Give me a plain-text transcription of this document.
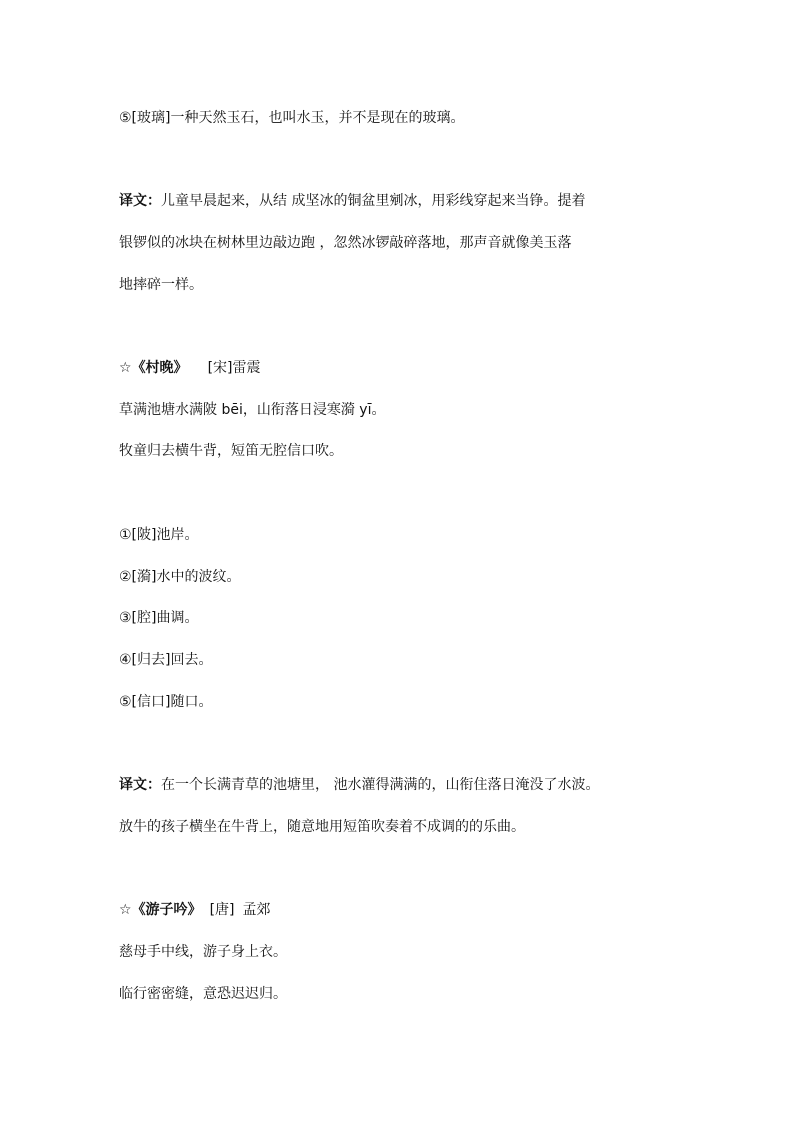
⑤[玻璃]一种天然玉石，也叫水玉，并不是现在的玻璃。
译文：儿童早晨起来，从结 成坚冰的铜盆里剜冰，用彩线穿起来当铮。提着
银锣似的冰块在树林里边敲边跑 ，忽然冰锣敲碎落地，那声音就像美玉落
地摔碎一样。
☆《村晚》 [宋]雷震
草满池塘水满陂 bēi，山衔落日浸寒漪 yī。
牧童归去横牛背，短笛无腔信口吹。
①[陂]池岸。
②[漪]水中的波纹。
③[腔]曲调。
④[归去]回去。
⑤[信口]随口。
译文：在一个长满青草的池塘里， 池水灌得满满的，山衔住落日淹没了水波。
放牛的孩子横坐在牛背上，随意地用短笛吹奏着不成调的的乐曲。
☆《游子吟》 [唐] 孟郊
慈母手中线，游子身上衣。
临行密密缝，意恐迟迟归。
